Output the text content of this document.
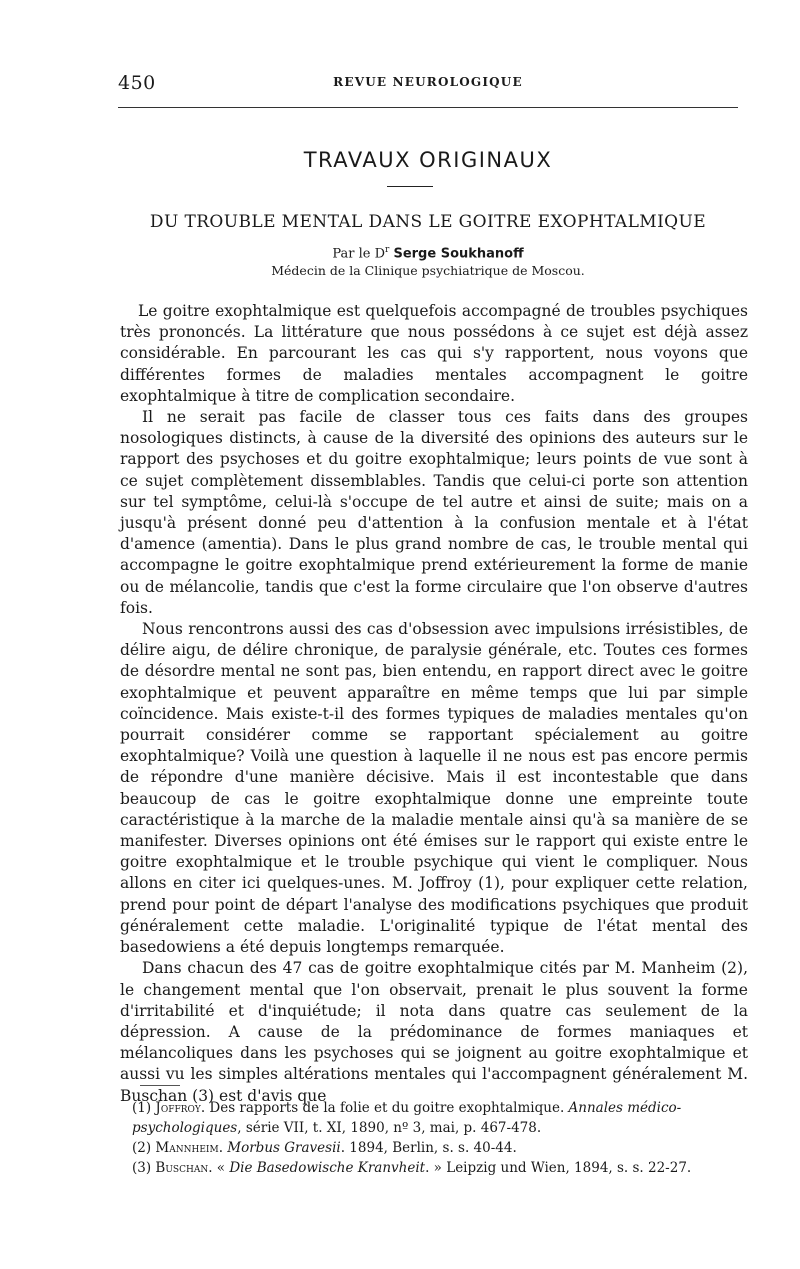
450	REVUE NEUROLOGIQUE
TRAVAUX ORIGINAUX
DU TROUBLE MENTAL DANS LE GOITRE EXOPHTALMIQUE
Par le $D^r$ Serge Soukhanoff
Médecin de la Clinique psychiatrique de Moscou.

Le goitre exophtalmique est quelquefois accompagné de troubles psychiques très prononcés. La littérature que nous possédons à ce sujet est déjà assez considérable. En parcourant les cas qui s'y rapportent, nous voyons que différentes formes de maladies mentales accompagnent le goitre exophtalmique à titre de complication secondaire.

Il ne serait pas facile de classer tous ces faits dans des groupes nosologiques distincts, à cause de la diversité des opinions des auteurs sur le rapport des psychoses et du goitre exophtalmique; leurs points de vue sont à ce sujet complètement dissemblables. Tandis que celui-ci porte son attention sur tel symptôme, celui-là s'occupe de tel autre et ainsi de suite; mais on a jusqu'à présent donné peu d'attention à la confusion mentale et à l'état d'amence (amentia). Dans le plus grand nombre de cas, le trouble mental qui accompagne le goitre exophtalmique prend extérieurement la forme de manie ou de mélancolie, tandis que c'est la forme circulaire que l'on observe d'autres fois.

Nous rencontrons aussi des cas d'obsession avec impulsions irrésistibles, de délire aigu, de délire chronique, de paralysie générale, etc. Toutes ces formes de désordre mental ne sont pas, bien entendu, en rapport direct avec le goitre exophtalmique et peuvent apparaître en même temps que lui par simple coïncidence. Mais existe-t-il des formes typiques de maladies mentales qu'on pourrait considérer comme se rapportant spécialement au goitre exophtalmique? Voilà une question à laquelle il ne nous est pas encore permis de répondre d'une manière décisive. Mais il est incontestable que dans beaucoup de cas le goitre exophtalmique donne une empreinte toute caractéristique à la marche de la maladie mentale ainsi qu'à sa manière de se manifester. Diverses opinions ont été émises sur le rapport qui existe entre le goitre exophtalmique et le trouble psychique qui vient le compliquer. Nous allons en citer ici quelques-unes. M. Joffroy (1), pour expliquer cette relation, prend pour point de départ l'analyse des modifications psychiques que produit généralement cette maladie. L'originalité typique de l'état mental des basedowiens a été depuis longtemps remarquée.

Dans chacun des 47 cas de goitre exophtalmique cités par M. Manheim (2), le changement mental que l'on observait, prenait le plus souvent la forme d'irritabilité et d'inquiétude; il nota dans quatre cas seulement de la dépression. A cause de la prédominance de formes maniaques et mélancoliques dans les psychoses qui se joignent au goitre exophtalmique et aussi vu les simples altérations mentales qui l'accompagnent généralement M. Buschan (3) est d'avis que

(1) Joffroy. Des rapports de la folie et du goitre exophtalmique. Annales médico-psychologiques, série VII, t. XI, 1890, nº 3, mai, p. 467-478.

(2) Mannheim. Morbus Gravesii. 1894, Berlin, s. s. 40-44.

(3) Buschan. « Die Basedowische Kranvheit. » Leipzig und Wien, 1894, s. s. 22-27.
